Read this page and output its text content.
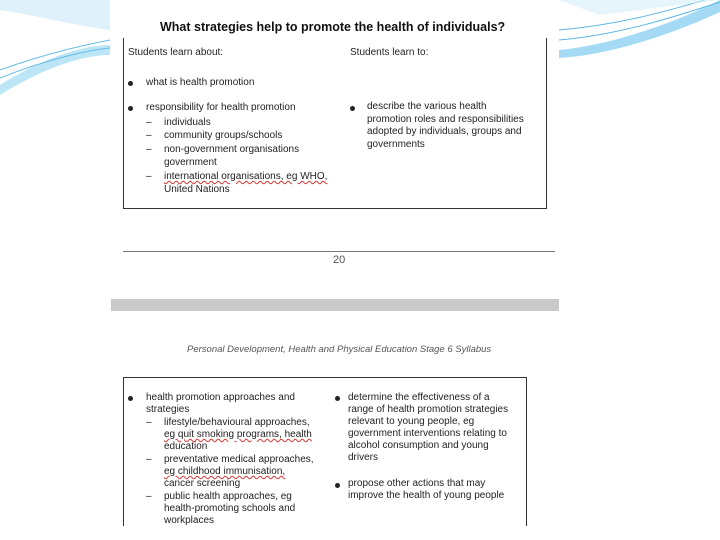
What strategies help to promote the health of individuals?
Students learn about:	Students learn to:
what is health promotion
responsibility for health promotion
– individuals
– community groups/schools
– non-government organisations
government
– international organisations, eg WHO,
United Nations
describe the various health
promotion roles and responsibilities
adopted by individuals, groups and
governments
20
Personal Development, Health and Physical Education Stage 6 Syllabus
health promotion approaches and
strategies
– lifestyle/behavioural approaches,
eg quit smoking programs, health
education
– preventative medical approaches,
eg childhood immunisation,
cancer screening
– public health approaches, eg
health-promoting schools and
workplaces
determine the effectiveness of a
range of health promotion strategies
relevant to young people, eg
government interventions relating to
alcohol consumption and young
drivers
propose other actions that may
improve the health of young people
